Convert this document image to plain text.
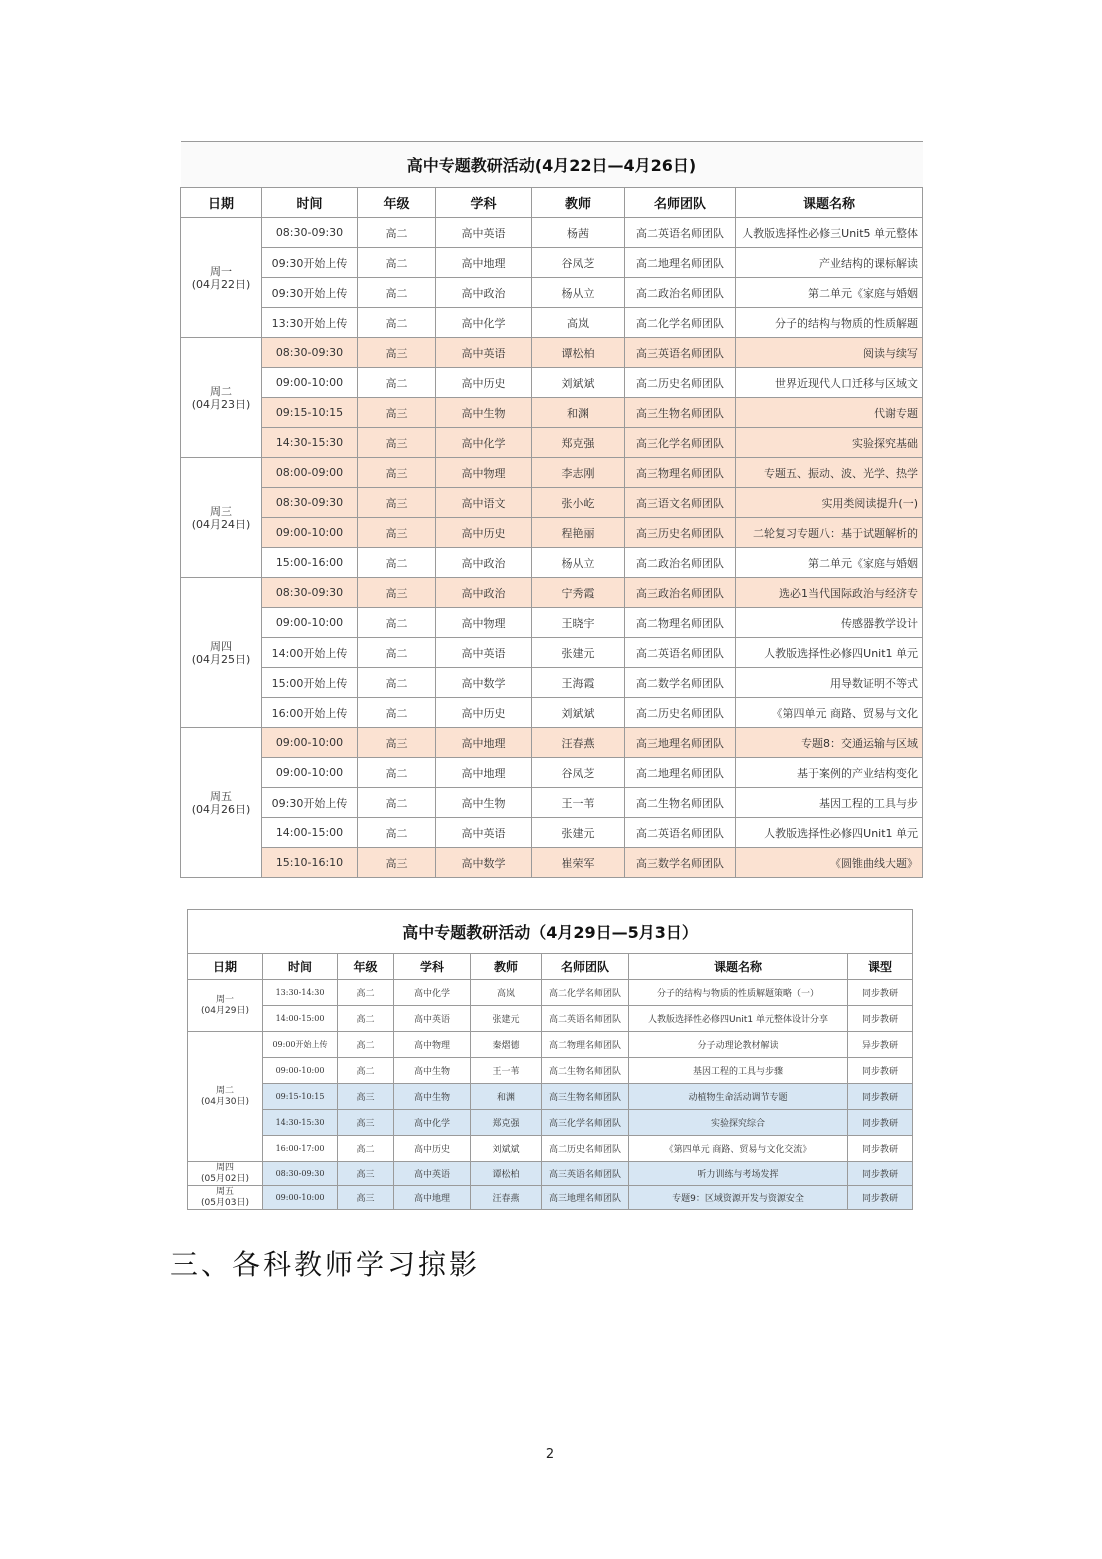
高中专题教研活动(4月22日—4月26日)						
日期	时间	年级	学科	教师	名师团队	课题名称
周一
(04月22日)	08:30-09:30	高二	高中英语	杨茜	高二英语名师团队	人教版选择性必修三Unit5 单元整体
	09:30开始上传	高二	高中地理	谷凤芝	高二地理名师团队	产业结构的课标解读
	09:30开始上传	高二	高中政治	杨从立	高二政治名师团队	第二单元《家庭与婚姻
	13:30开始上传	高二	高中化学	高岚	高二化学名师团队	分子的结构与物质的性质解题
周二
(04月23日)	08:30-09:30	高三	高中英语	谭松柏	高三英语名师团队	阅读与续写
	09:00-10:00	高二	高中历史	刘斌斌	高二历史名师团队	世界近现代人口迁移与区域文
	09:15-10:15	高三	高中生物	和渊	高三生物名师团队	代谢专题
	14:30-15:30	高三	高中化学	郑克强	高三化学名师团队	实验探究基础
周三
(04月24日)	08:00-09:00	高三	高中物理	李志刚	高三物理名师团队	专题五、振动、波、光学、热学
	08:30-09:30	高三	高中语文	张小屹	高三语文名师团队	实用类阅读提升(一)
	09:00-10:00	高三	高中历史	程艳丽	高三历史名师团队	二轮复习专题八：基于试题解析的
	15:00-16:00	高二	高中政治	杨从立	高二政治名师团队	第二单元《家庭与婚姻
周四
(04月25日)	08:30-09:30	高三	高中政治	宁秀霞	高三政治名师团队	选必1当代国际政治与经济专
	09:00-10:00	高二	高中物理	王晓宇	高二物理名师团队	传感器教学设计
	14:00开始上传	高二	高中英语	张建元	高二英语名师团队	人教版选择性必修四Unit1 单元
	15:00开始上传	高二	高中数学	王海霞	高二数学名师团队	用导数证明不等式
	16:00开始上传	高二	高中历史	刘斌斌	高二历史名师团队	《第四单元 商路、贸易与文化
周五
(04月26日)	09:00-10:00	高三	高中地理	汪春燕	高三地理名师团队	专题8：交通运输与区域
	09:00-10:00	高二	高中地理	谷凤芝	高二地理名师团队	基于案例的产业结构变化
	09:30开始上传	高二	高中生物	王一苇	高二生物名师团队	基因工程的工具与步
	14:00-15:00	高二	高中英语	张建元	高二英语名师团队	人教版选择性必修四Unit1 单元
	15:10-16:10	高三	高中数学	崔荣军	高三数学名师团队	《圆锥曲线大题》
高中专题教研活动（4月29日—5月3日）							
日期	时间	年级	学科	教师	名师团队	课题名称	课型
周一
(04月29日)	13:30-14:30	高二	高中化学	高岚	高二化学名师团队	分子的结构与物质的性质解题策略（一）	同步教研
	14:00-15:00	高二	高中英语	张建元	高二英语名师团队	人教版选择性必修四Unit1 单元整体设计分享	同步教研
周二
(04月30日)	09:00开始上传	高二	高中物理	秦熠德	高二物理名师团队	分子动理论教材解读	异步教研
	09:00-10:00	高二	高中生物	王一苇	高二生物名师团队	基因工程的工具与步骤	同步教研
	09:15-10:15	高三	高中生物	和渊	高三生物名师团队	动植物生命活动调节专题	同步教研
	14:30-15:30	高三	高中化学	郑克强	高三化学名师团队	实验探究综合	同步教研
	16:00-17:00	高二	高中历史	刘斌斌	高二历史名师团队	《第四单元 商路、贸易与文化交流》	同步教研
周四
(05月02日)	08:30-09:30	高三	高中英语	谭松柏	高三英语名师团队	听力训练与考场发挥	同步教研
周五
(05月03日)	09:00-10:00	高三	高中地理	汪春燕	高三地理名师团队	专题9：区域资源开发与资源安全	同步教研
三、各科教师学习掠影
2
